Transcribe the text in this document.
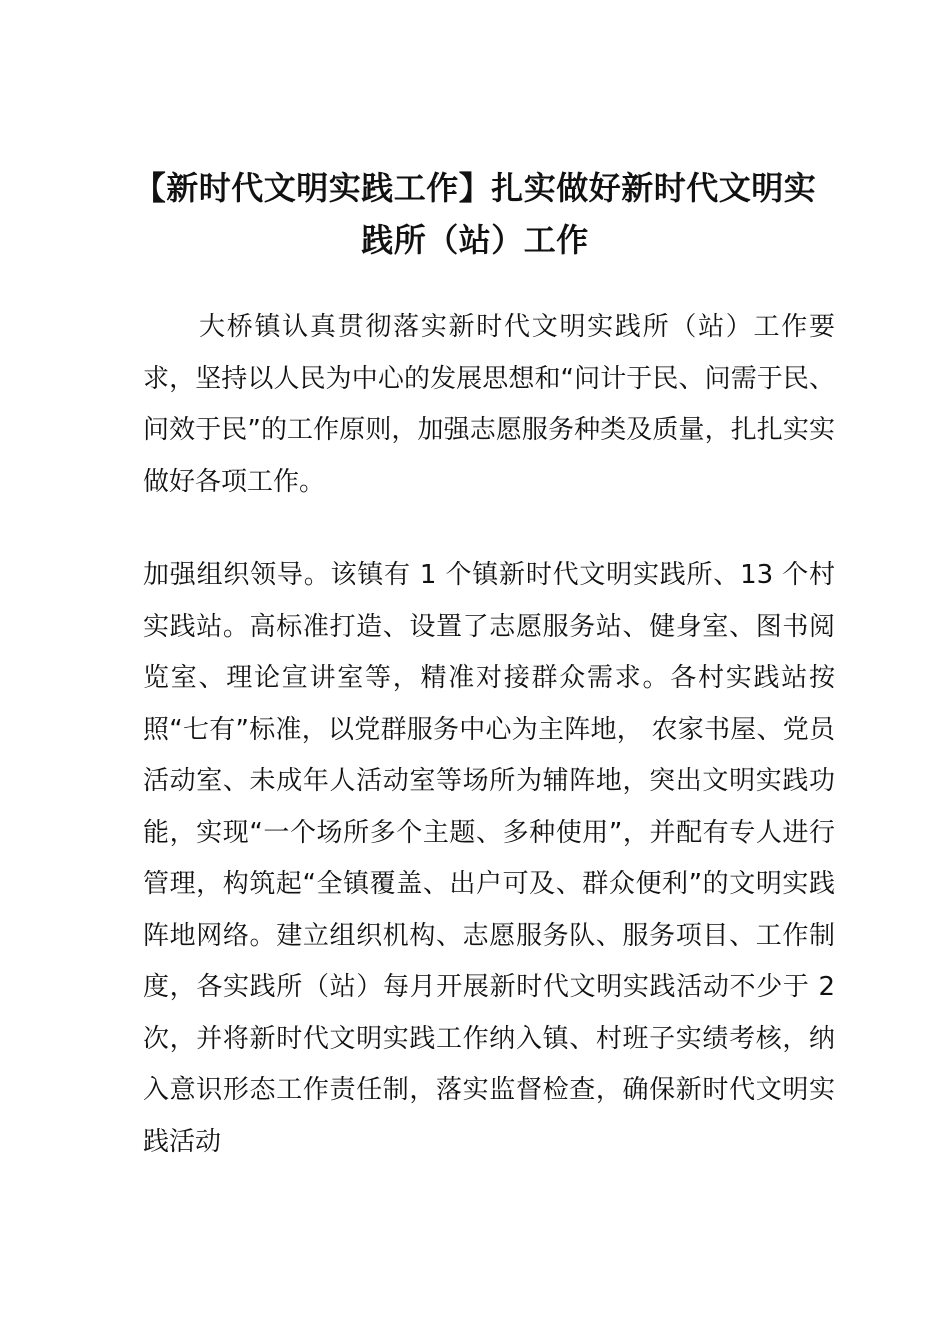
【新时代文明实践工作】扎实做好新时代文明实践所（站）工作

大桥镇认真贯彻落实新时代文明实践所（站）工作要求，坚持以人民为中心的发展思想和“问计于民、问需于民、问效于民”的工作原则，加强志愿服务种类及质量，扎扎实实做好各项工作。

加强组织领导。该镇有 1 个镇新时代文明实践所、13 个村实践站。高标准打造、设置了志愿服务站、健身室、图书阅览室、理论宣讲室等，精准对接群众需求。各村实践站按照“七有”标准，以党群服务中心为主阵地， 农家书屋、党员活动室、未成年人活动室等场所为辅阵地，突出文明实践功能，实现“一个场所多个主题、多种使用”，并配有专人进行管理，构筑起“全镇覆盖、出户可及、群众便利”的文明实践阵地网络。建立组织机构、志愿服务队、服务项目、工作制度，各实践所（站）每月开展新时代文明实践活动不少于 2 次，并将新时代文明实践工作纳入镇、村班子实绩考核，纳入意识形态工作责任制，落实监督检查，确保新时代文明实践活动
